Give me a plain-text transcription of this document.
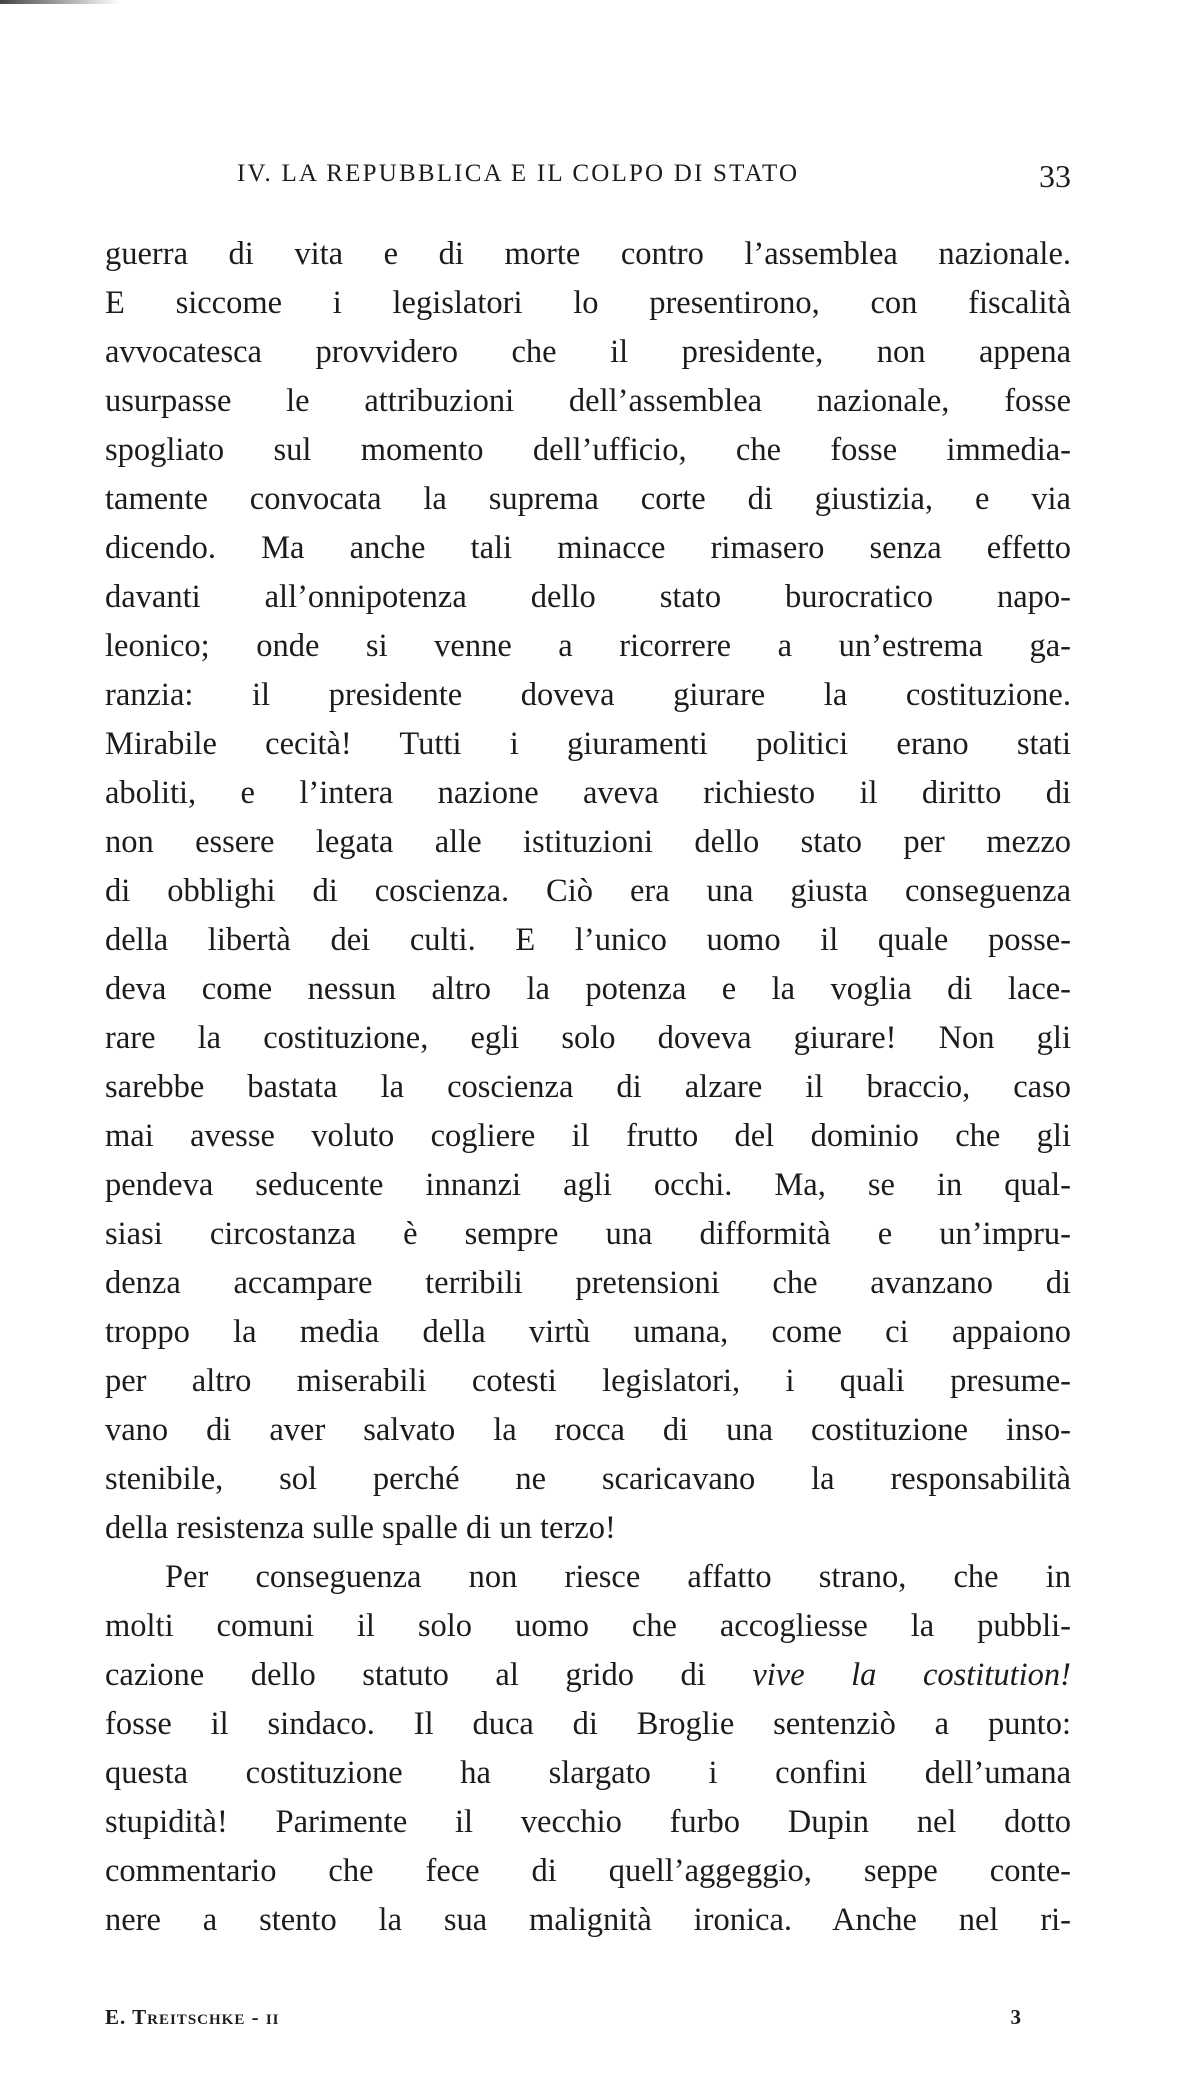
IV. LA REPUBBLICA E IL COLPO DI STATO	33
guerra di vita e di morte contro l’assemblea nazionale.
E siccome i legislatori lo presentirono, con fiscalità
avvocatesca provvidero che il presidente, non appena
usurpasse le attribuzioni dell’assemblea nazionale, fosse
spogliato sul momento dell’ufficio, che fosse immedia-
tamente convocata la suprema corte di giustizia, e via
dicendo. Ma anche tali minacce rimasero senza effetto
davanti all’onnipotenza dello stato burocratico napo-
leonico; onde si venne a ricorrere a un’estrema ga-
ranzia: il presidente doveva giurare la costituzione.
Mirabile cecità! Tutti i giuramenti politici erano stati
aboliti, e l’intera nazione aveva richiesto il diritto di
non essere legata alle istituzioni dello stato per mezzo
di obblighi di coscienza. Ciò era una giusta conseguenza
della libertà dei culti. E l’unico uomo il quale posse-
deva come nessun altro la potenza e la voglia di lace-
rare la costituzione, egli solo doveva giurare! Non gli
sarebbe bastata la coscienza di alzare il braccio, caso
mai avesse voluto cogliere il frutto del dominio che gli
pendeva seducente innanzi agli occhi. Ma, se in qual-
siasi circostanza è sempre una difformità e un’impru-
denza accampare terribili pretensioni che avanzano di
troppo la media della virtù umana, come ci appaiono
per altro miserabili cotesti legislatori, i quali presume-
vano di aver salvato la rocca di una costituzione inso-
stenibile, sol perché ne scaricavano la responsabilità
della resistenza sulle spalle di un terzo!
Per conseguenza non riesce affatto strano, che in
molti comuni il solo uomo che accogliesse la pubbli-
cazione dello statuto al grido di vive la costitution!
fosse il sindaco. Il duca di Broglie sentenziò a punto:
questa costituzione ha slargato i confini dell’umana
stupidità! Parimente il vecchio furbo Dupin nel dotto
commentario che fece di quell’aggeggio, seppe conte-
nere a stento la sua malignità ironica. Anche nel ri-
E. Treitschke - ii	3
